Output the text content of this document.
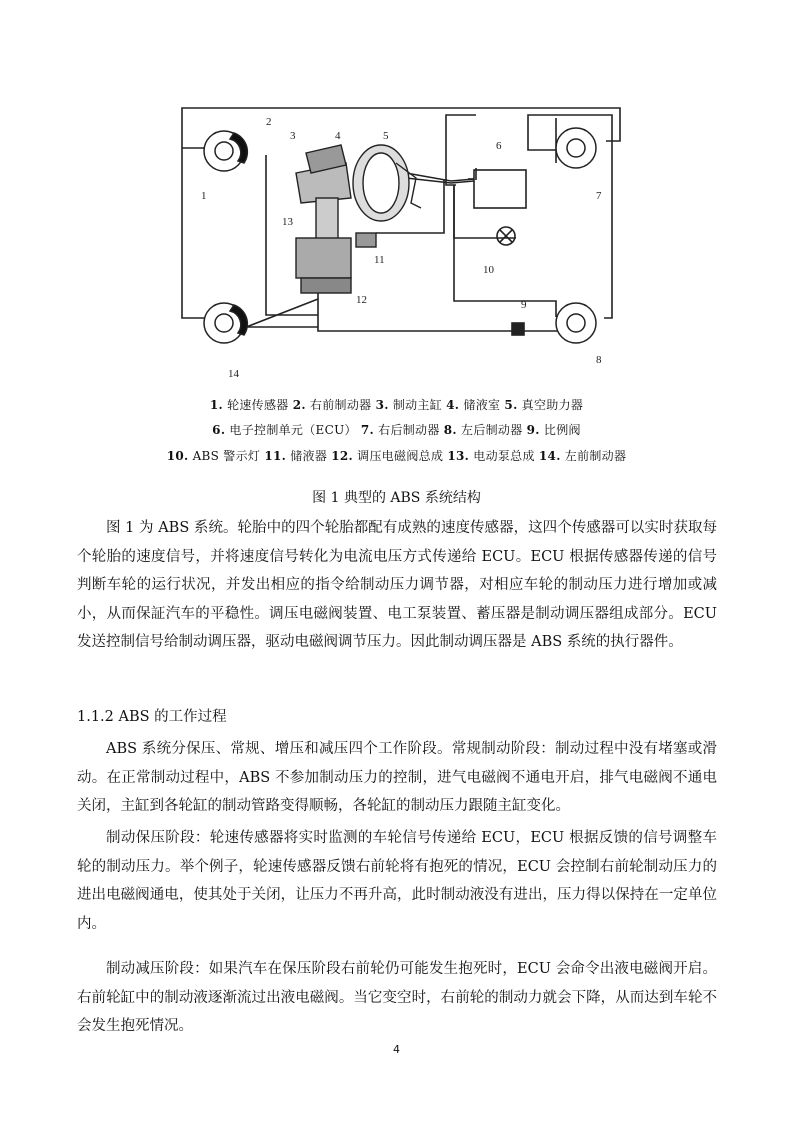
2
1
3	4	5
6
7
8
9
10
11
12
13
14
1. 轮速传感器 2. 右前制动器 3. 制动主缸 4. 储液室 5. 真空助力器
6. 电子控制单元（ECU） 7. 右后制动器 8. 左后制动器 9. 比例阀
10. ABS 警示灯 11. 储液器 12. 调压电磁阀总成 13. 电动泵总成 14. 左前制动器
图 1 典型的 ABS 系统结构

图 1 为 ABS 系统。轮胎中的四个轮胎都配有成熟的速度传感器，这四个传感器可以实时获取每个轮胎的速度信号，并将速度信号转化为电流电压方式传递给 ECU。ECU 根据传感器传递的信号判断车轮的运行状况，并发出相应的指令给制动压力调节器，对相应车轮的制动压力进行增加或减小，从而保証汽车的平稳性。调压电磁阀装置、电工泵装置、蓄压器是制动调压器组成部分。ECU 发送控制信号给制动调压器，驱动电磁阀调节压力。因此制动调压器是 ABS 系统的执行器件。

1.1.2 ABS 的工作过程

ABS 系统分保压、常规、增压和减压四个工作阶段。常规制动阶段：制动过程中没有堵塞或滑动。在正常制动过程中，ABS 不参加制动压力的控制，进气电磁阀不通电开启，排气电磁阀不通电关闭，主缸到各轮缸的制动管路变得顺畅，各轮缸的制动压力跟随主缸变化。

制动保压阶段：轮速传感器将实时监测的车轮信号传递给 ECU，ECU 根据反馈的信号调整车轮的制动压力。举个例子，轮速传感器反馈右前轮将有抱死的情况，ECU 会控制右前轮制动压力的进出电磁阀通电，使其处于关闭，让压力不再升高，此时制动液没有进出，压力得以保持在一定单位内。

制动减压阶段：如果汽车在保压阶段右前轮仍可能发生抱死时，ECU 会命令出液电磁阀开启。右前轮缸中的制动液逐渐流过出液电磁阀。当它变空时，右前轮的制动力就会下降，从而达到车轮不会发生抱死情况。

4
